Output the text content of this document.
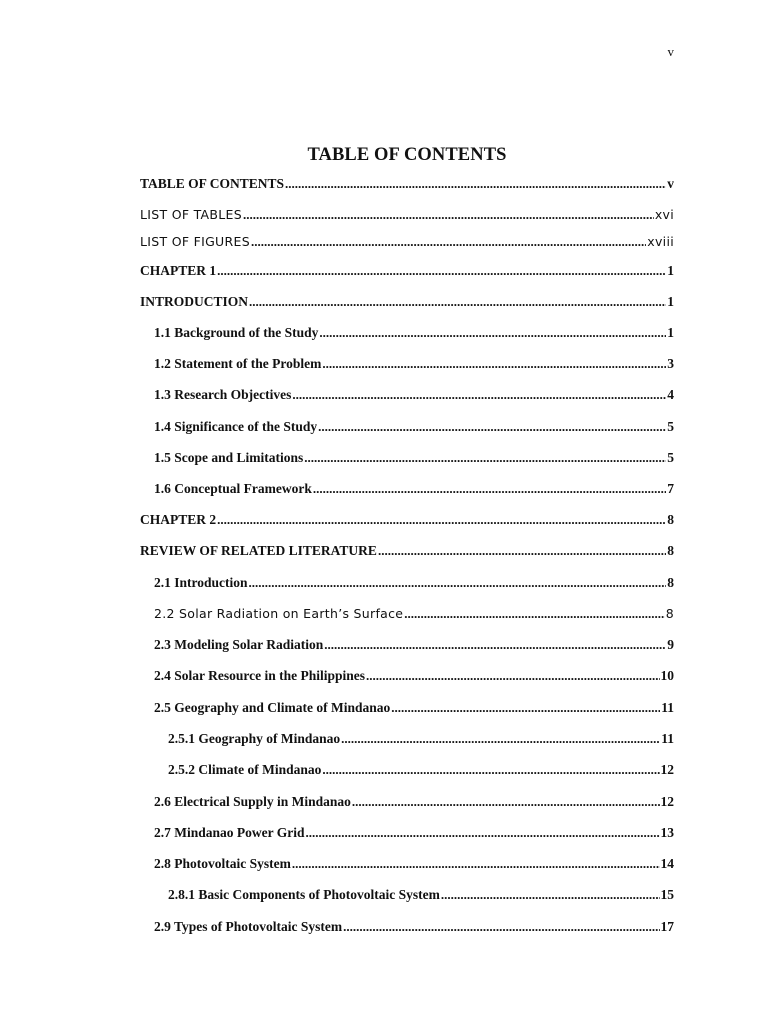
v
TABLE OF CONTENTS
TABLE OF CONTENTS .....	v
LIST OF TABLES .....	xvi
LIST OF FIGURES .....	xviii
CHAPTER 1 .....	1
INTRODUCTION .....	1
1.1 Background of the Study .....	1
1.2 Statement of the Problem .....	3
1.3 Research Objectives .....	4
1.4 Significance of the Study .....	5
1.5 Scope and Limitations .....	5
1.6 Conceptual Framework .....	7
CHAPTER 2 .....	8
REVIEW OF RELATED LITERATURE .....	8
2.1 Introduction .....	8
2.2 Solar Radiation on Earth’s Surface .....	8
2.3 Modeling Solar Radiation .....	9
2.4 Solar Resource in the Philippines .....	10
2.5 Geography and Climate of Mindanao .....	11
2.5.1 Geography of Mindanao .....	11
2.5.2 Climate of Mindanao .....	12
2.6 Electrical Supply in Mindanao .....	12
2.7 Mindanao Power Grid .....	13
2.8 Photovoltaic System .....	14
2.8.1 Basic Components of Photovoltaic System .....	15
2.9 Types of Photovoltaic System .....	17
